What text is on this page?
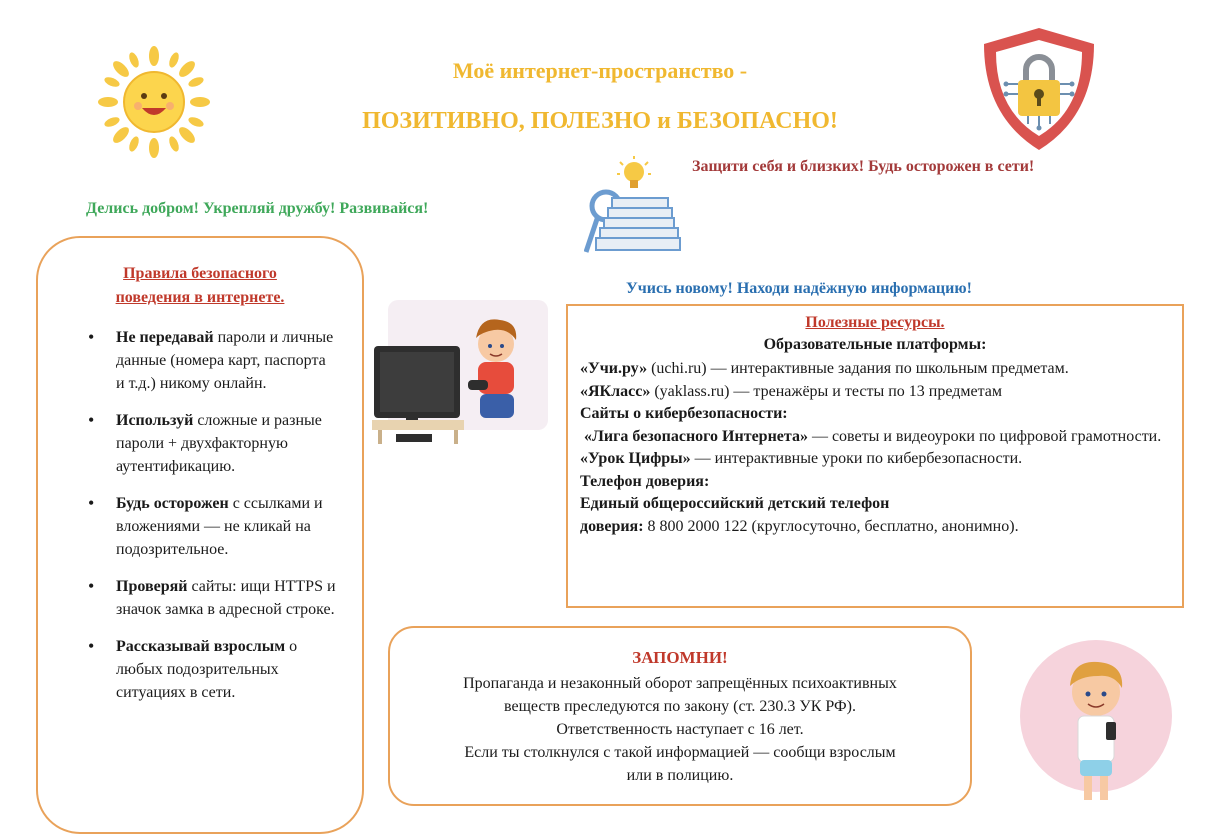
Моё интернет-пространство -
ПОЗИТИВНО, ПОЛЕЗНО и БЕЗОПАСНО!
Защити себя и близких! Будь осторожен в сети!
Делись добром! Укрепляй дружбу! Развивайся!
Учись новому! Находи надёжную информацию!
Правила безопасного
поведения в интернете.
• Не передавай пароли и личные данные (номера карт, паспорта и т.д.) никому онлайн.
• Используй сложные и разные пароли + двухфакторную аутентификацию.
• Будь осторожен с ссылками и вложениями — не кликай на подозрительное.
• Проверяй сайты: ищи HTTPS и значок замка в адресной строке.
• Рассказывай взрослым о любых подозрительных ситуациях в сети.
Полезные ресурсы.
Образовательные платформы:
«Учи.ру» (uchi.ru) — интерактивные задания по школьным предметам.
«ЯКласс» (yaklass.ru) — тренажёры и тесты по 13 предметам
Сайты о кибербезопасности:
«Лига безопасного Интернета» — советы и видеоуроки по цифровой грамотности.
«Урок Цифры» — интерактивные уроки по кибербезопасности.
Телефон доверия:
Единый общероссийский детский телефон
доверия: 8 800 2000 122 (круглосуточно, бесплатно, анонимно).
ЗАПОМНИ!
Пропаганда и незаконный оборот запрещённых психоактивных
веществ преследуются по закону (ст. 230.3 УК РФ).
Ответственность наступает с 16 лет.
Если ты столкнулся с такой информацией — сообщи взрослым
или в полицию.
